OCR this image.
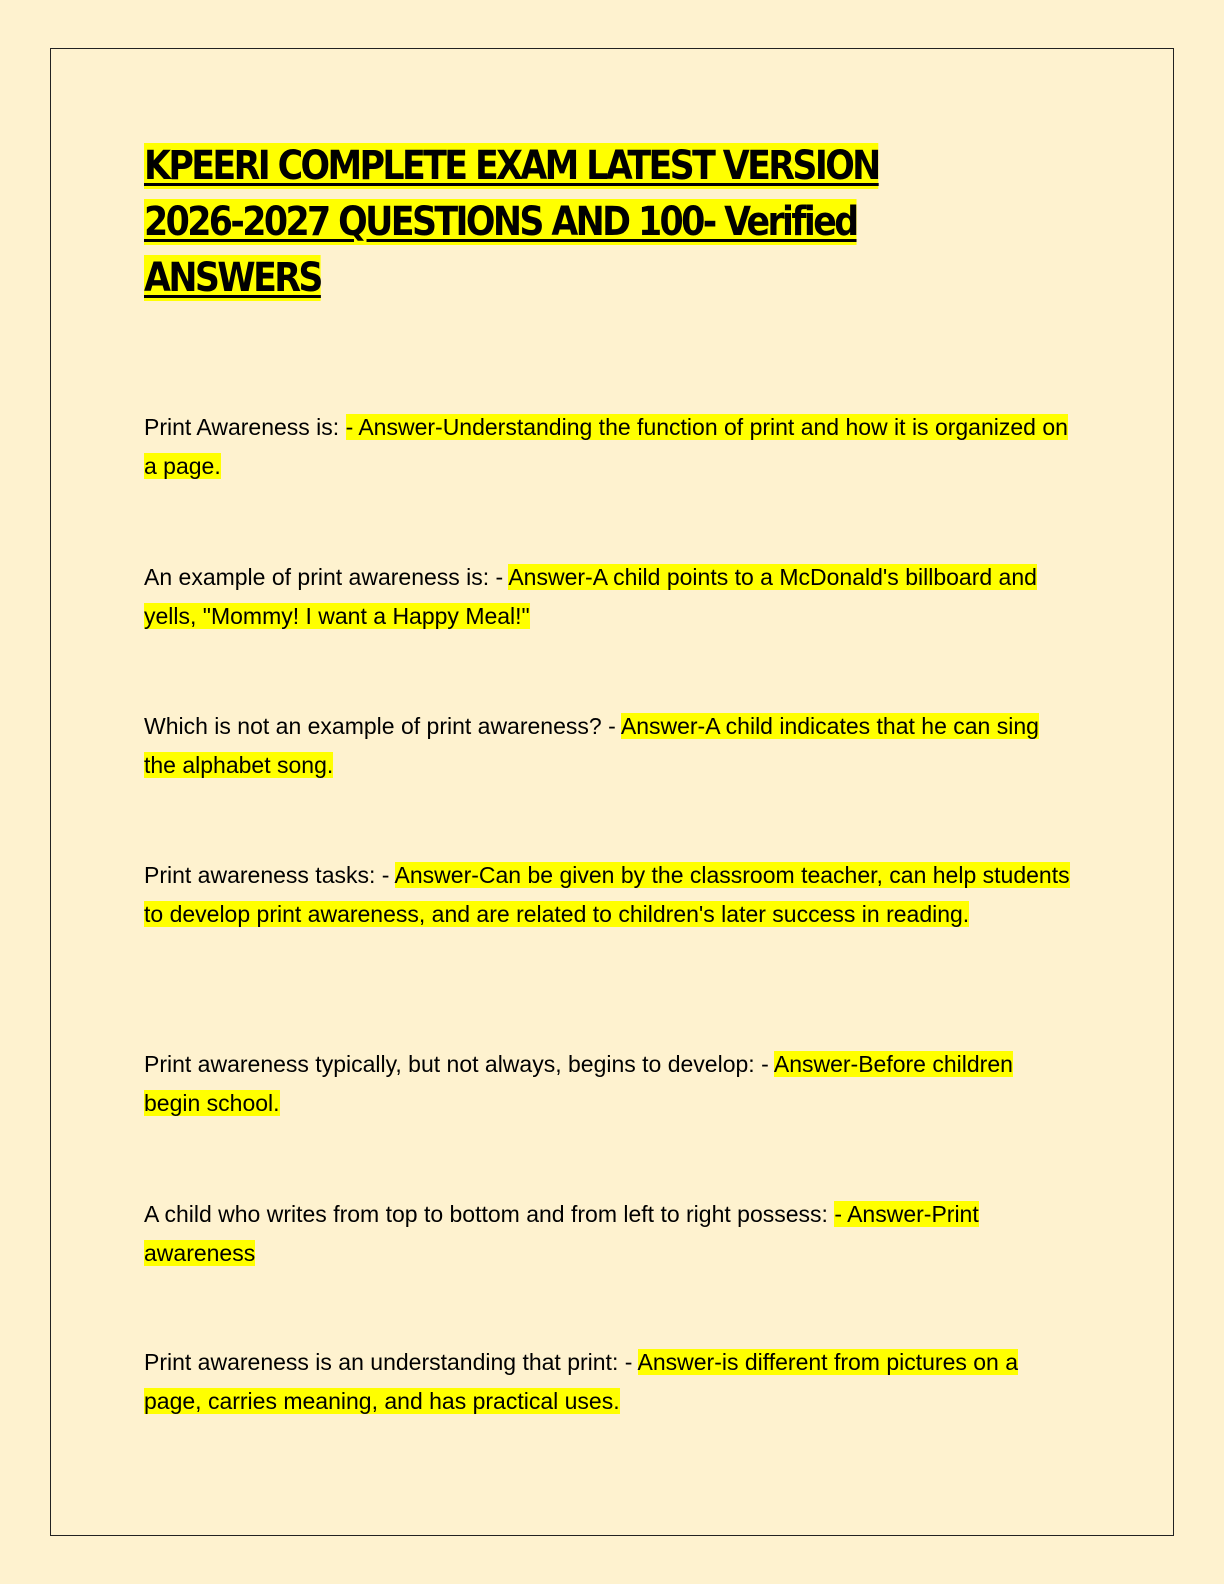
KPEERI COMPLETE EXAM LATEST VERSION 2026-2027 QUESTIONS AND 100- Verified ANSWERS

Print Awareness is: - Answer-Understanding the function of print and how it is organized on a page.

An example of print awareness is: - Answer-A child points to a McDonald's billboard and yells, "Mommy! I want a Happy Meal!"

Which is not an example of print awareness? - Answer-A child indicates that he can sing the alphabet song.

Print awareness tasks: - Answer-Can be given by the classroom teacher, can help students to develop print awareness, and are related to children's later success in reading.

Print awareness typically, but not always, begins to develop: - Answer-Before children begin school.

A child who writes from top to bottom and from left to right possess: - Answer-Print awareness

Print awareness is an understanding that print: - Answer-is different from pictures on a page, carries meaning, and has practical uses.
